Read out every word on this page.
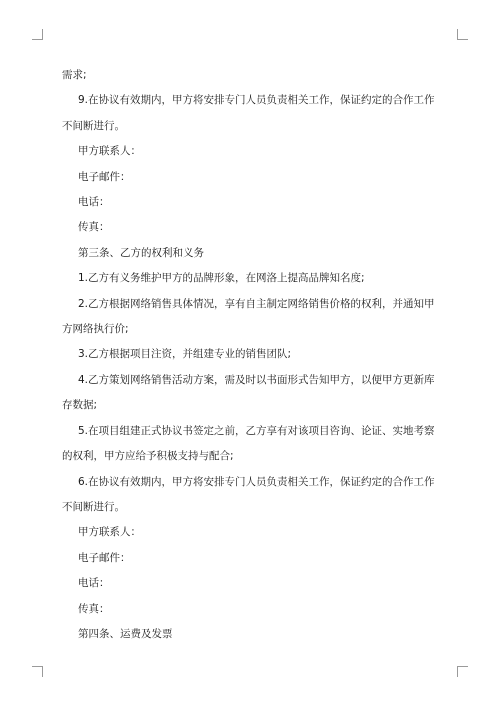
需求;

9.在协议有效期内，甲方将安排专门人员负责相关工作，保证约定的合作工作不间断进行。

甲方联系人：

电子邮件：

电话：

传真：

第三条、乙方的权利和义务

1.乙方有义务维护甲方的品牌形象，在网洛上提高品牌知名度;

2.乙方根据网络销售具体情况，享有自主制定网络销售价格的权利，并通知甲方网络执行价;

3.乙方根据项目注资，并组建专业的销售团队;

4.乙方策划网络销售活动方案，需及时以书面形式告知甲方，以便甲方更新库存数据;

5.在项目组建正式协议书签定之前，乙方享有对该项目咨询、论证、实地考察的权利，甲方应给予积极支持与配合;

6.在协议有效期内，甲方将安排专门人员负责相关工作，保证约定的合作工作不间断进行。

甲方联系人：

电子邮件：

电话：

传真：

第四条、运费及发票
